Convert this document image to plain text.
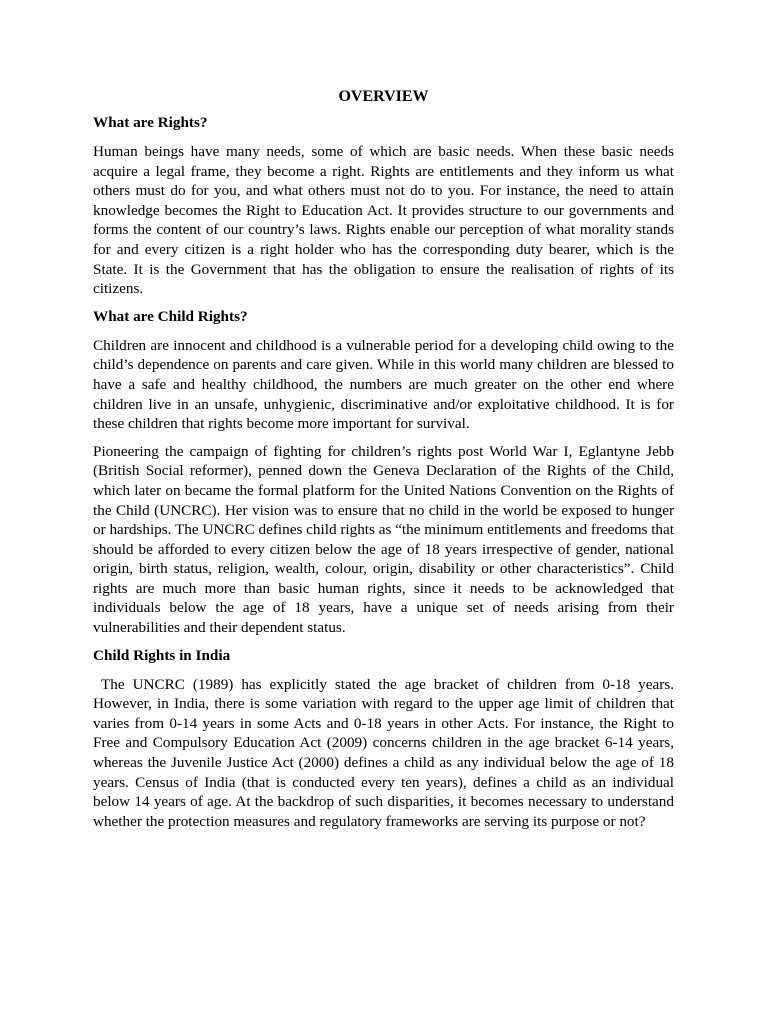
OVERVIEW
What are Rights?

Human beings have many needs, some of which are basic needs. When these basic needs acquire a legal frame, they become a right. Rights are entitlements and they inform us what others must do for you, and what others must not do to you. For instance, the need to attain knowledge becomes the Right to Education Act. It provides structure to our governments and forms the content of our country’s laws. Rights enable our perception of what morality stands for and every citizen is a right holder who has the corresponding duty bearer, which is the State. It is the Government that has the obligation to ensure the realisation of rights of its citizens.

What are Child Rights?

Children are innocent and childhood is a vulnerable period for a developing child owing to the child’s dependence on parents and care given. While in this world many children are blessed to have a safe and healthy childhood, the numbers are much greater on the other end where children live in an unsafe, unhygienic, discriminative and/or exploitative childhood. It is for these children that rights become more important for survival.

Pioneering the campaign of fighting for children’s rights post World War I, Eglantyne Jebb (British Social reformer), penned down the Geneva Declaration of the Rights of the Child, which later on became the formal platform for the United Nations Convention on the Rights of the Child (UNCRC). Her vision was to ensure that no child in the world be exposed to hunger or hardships. The UNCRC defines child rights as “the minimum entitlements and freedoms that should be afforded to every citizen below the age of 18 years irrespective of gender, national origin, birth status, religion, wealth, colour, origin, disability or other characteristics”. Child rights are much more than basic human rights, since it needs to be acknowledged that individuals below the age of 18 years, have a unique set of needs arising from their vulnerabilities and their dependent status.

Child Rights in India

The UNCRC (1989) has explicitly stated the age bracket of children from 0-18 years. However, in India, there is some variation with regard to the upper age limit of children that varies from 0-14 years in some Acts and 0-18 years in other Acts. For instance, the Right to Free and Compulsory Education Act (2009) concerns children in the age bracket 6-14 years, whereas the Juvenile Justice Act (2000) defines a child as any individual below the age of 18 years. Census of India (that is conducted every ten years), defines a child as an individual below 14 years of age. At the backdrop of such disparities, it becomes necessary to understand whether the protection measures and regulatory frameworks are serving its purpose or not?
